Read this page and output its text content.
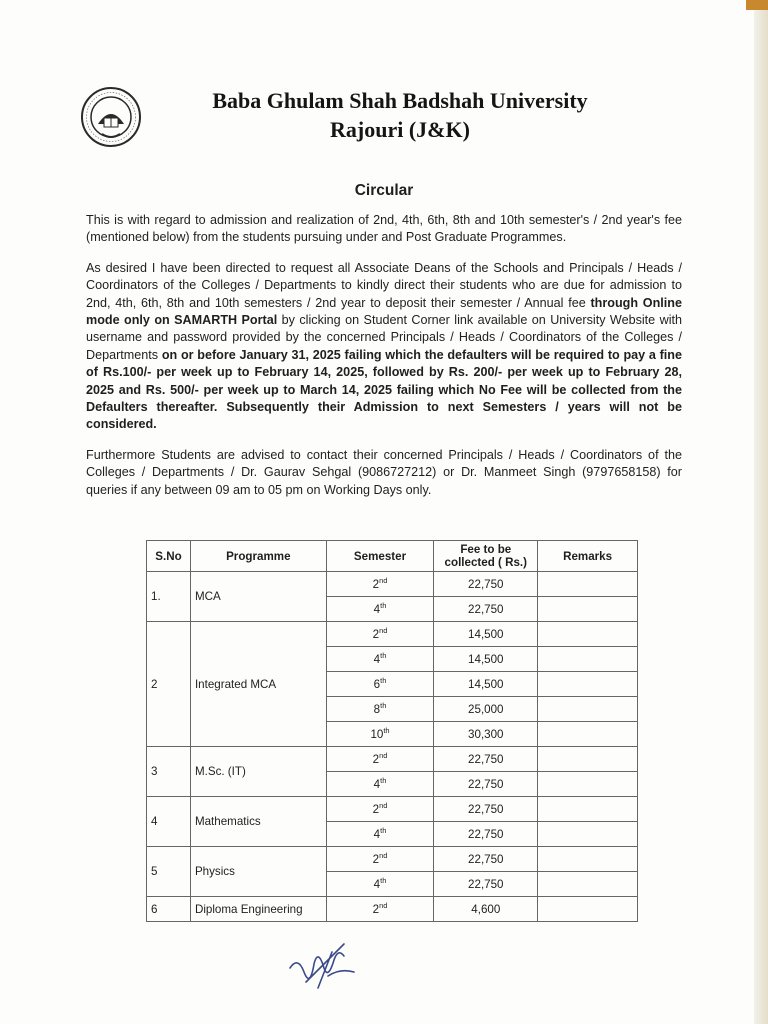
Baba Ghulam Shah Badshah University
Rajouri (J&K)
Circular

This is with regard to admission and realization of 2nd, 4th, 6th, 8th and 10th semester's / 2nd year's fee (mentioned below) from the students pursuing under and Post Graduate Programmes.

As desired I have been directed to request all Associate Deans of the Schools and Principals / Heads / Coordinators of the Colleges / Departments to kindly direct their students who are due for admission to 2nd, 4th, 6th, 8th and 10th semesters / 2nd year to deposit their semester / Annual fee through Online mode only on SAMARTH Portal by clicking on Student Corner link available on University Website with username and password provided by the concerned Principals / Heads / Coordinators of the Colleges / Departments on or before January 31, 2025 failing which the defaulters will be required to pay a fine of Rs.100/- per week up to February 14, 2025, followed by Rs. 200/- per week up to February 28, 2025 and Rs. 500/- per week up to March 14, 2025 failing which No Fee will be collected from the Defaulters thereafter. Subsequently their Admission to next Semesters / years will not be considered.

Furthermore Students are advised to contact their concerned Principals / Heads / Coordinators of the Colleges / Departments / Dr. Gaurav Sehgal (9086727212) or Dr. Manmeet Singh (9797658158) for queries if any between 09 am to 05 pm on Working Days only.

S.No	Programme	Semester	Fee to be collected ( Rs.)	Remarks
1.	MCA	2nd	22,750	
		4th	22,750	
2	Integrated MCA	2nd	14,500	
		4th	14,500	
		6th	14,500	
		8th	25,000	
		10th	30,300	
3	M.Sc. (IT)	2nd	22,750	
		4th	22,750	
4	Mathematics	2nd	22,750	
		4th	22,750	
5	Physics	2nd	22,750	
		4th	22,750	
6	Diploma Engineering	2nd	4,600	
